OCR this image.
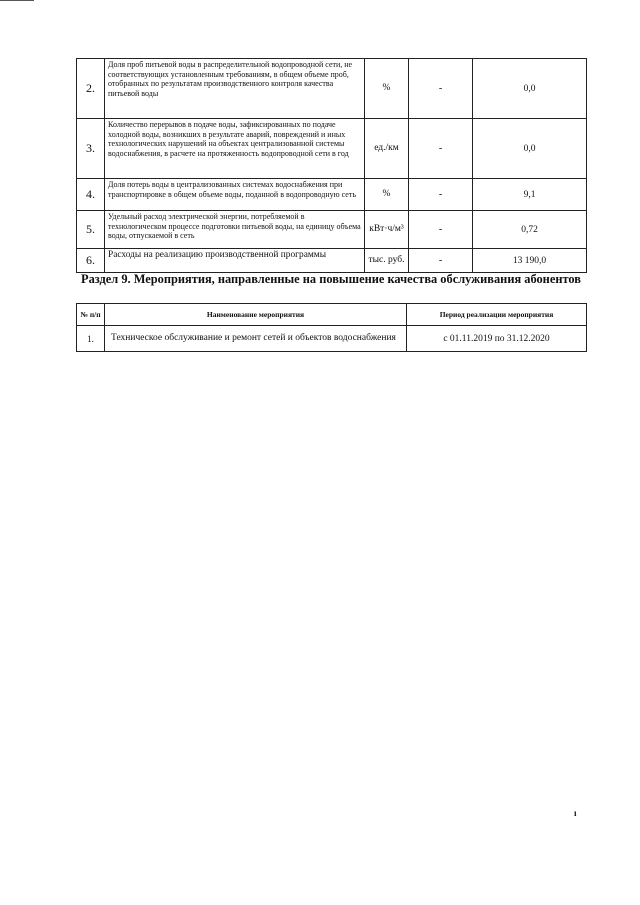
2.	Доля проб питьевой воды в распределительной водопроводной сети, не соответствующих установленным требованиям, в общем объеме проб, отобранных по результатам производственного контроля качества питьевой воды	%	-	0,0
3.	Количество перерывов в подаче воды, зафиксированных по подаче холодной воды, возникших в результате аварий, повреждений и иных технологических нарушений на объектах централизованной системы водоснабжения, в расчете на протяженность водопроводной сети в год	ед./км	-	0,0
4.	Доля потерь воды в централизованных системах водоснабжения при транспортировке в общем объеме воды, поданной в водопроводную сеть	%	-	9,1
5.	Удельный расход электрической энергии, потребляемой в технологическом процессе подготовки питьевой воды, на единицу объема воды, отпускаемой в сеть	кВт·ч/м³	-	0,72
6.	Расходы на реализацию производственной программы	тыс. руб.	-	13 190,0
Раздел 9. Мероприятия, направленные на повышение качества обслуживания абонентов
№ п/п	Наименование мероприятия	Период реализации мероприятия
1.	Техническое обслуживание и ремонт сетей и объектов водоснабжения	с 01.11.2019 по 31.12.2020
ı
